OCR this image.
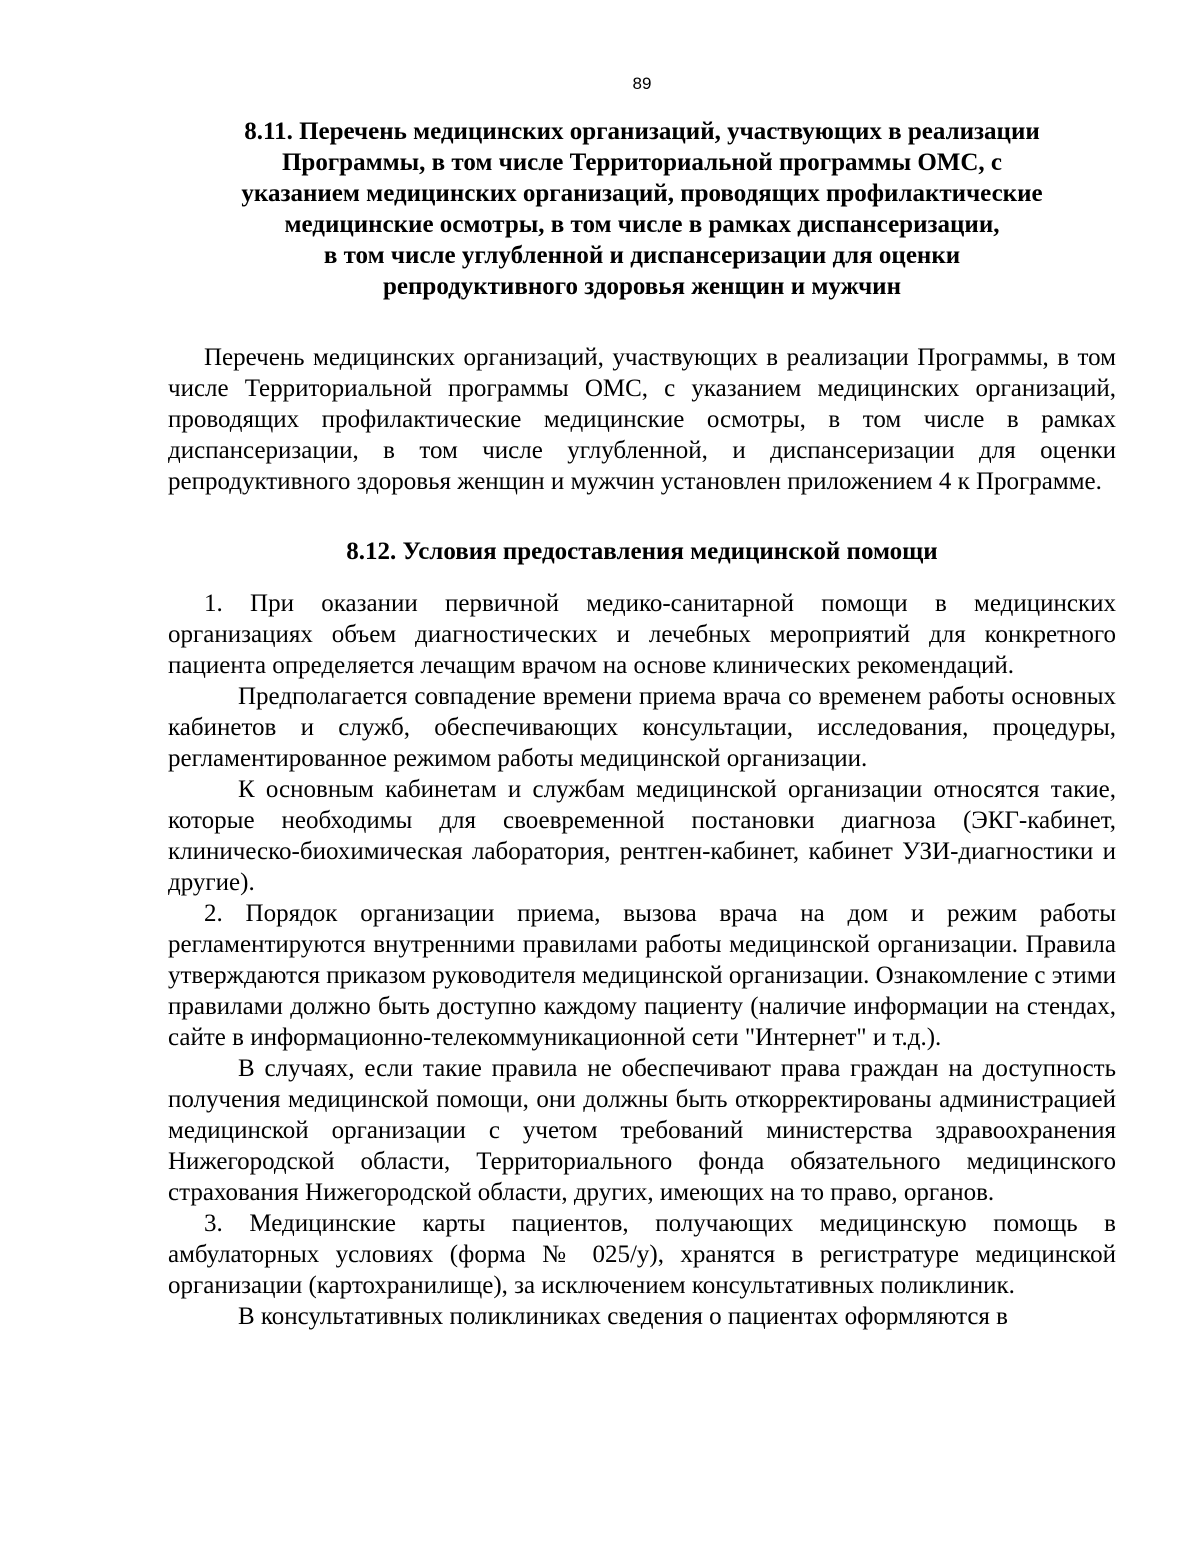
89
8.11. Перечень медицинских организаций, участвующих в реализации
Программы, в том числе Территориальной программы ОМС, с
указанием медицинских организаций, проводящих профилактические
медицинские осмотры, в том числе в рамках диспансеризации,
в том числе углубленной и диспансеризации для оценки
репродуктивного здоровья женщин и мужчин

Перечень медицинских организаций, участвующих в реализации Программы, в том числе Территориальной программы ОМС, с указанием медицинских организаций, проводящих профилактические медицинские осмотры, в том числе в рамках диспансеризации, в том числе углубленной, и диспансеризации для оценки репродуктивного здоровья женщин и мужчин установлен приложением 4 к Программе.

8.12. Условия предоставления медицинской помощи

1. При оказании первичной медико-санитарной помощи в медицинских организациях объем диагностических и лечебных мероприятий для конкретного пациента определяется лечащим врачом на основе клинических рекомендаций.

Предполагается совпадение времени приема врача со временем работы основных кабинетов и служб, обеспечивающих консультации, исследования, процедуры, регламентированное режимом работы медицинской организации.

К основным кабинетам и службам медицинской организации относятся такие, которые необходимы для своевременной постановки диагноза (ЭКГ-кабинет, клиническо-биохимическая лаборатория, рентген-кабинет, кабинет УЗИ-диагностики и другие).

2. Порядок организации приема, вызова врача на дом и режим работы регламентируются внутренними правилами работы медицинской организации. Правила утверждаются приказом руководителя медицинской организации. Ознакомление с этими правилами должно быть доступно каждому пациенту (наличие информации на стендах, сайте в информационно-телекоммуникационной сети "Интернет" и т.д.).

В случаях, если такие правила не обеспечивают права граждан на доступность получения медицинской помощи, они должны быть откорректированы администрацией медицинской организации с учетом требований министерства здравоохранения Нижегородской области, Территориального фонда обязательного медицинского страхования Нижегородской области, других, имеющих на то право, органов.

3. Медицинские карты пациентов, получающих медицинскую помощь в амбулаторных условиях (форма № 025/у), хранятся в регистратуре медицинской организации (картохранилище), за исключением консультативных поликлиник.

В консультативных поликлиниках сведения о пациентах оформляются в
